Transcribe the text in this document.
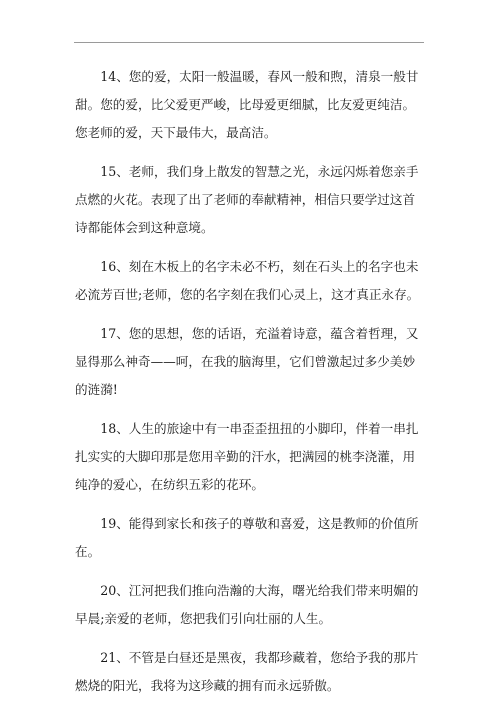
14、您的爱，太阳一般温暖，春风一般和煦，清泉一般甘甜。您的爱，比父爱更严峻，比母爱更细腻，比友爱更纯洁。您老师的爱，天下最伟大，最高洁。

15、老师，我们身上散发的智慧之光，永远闪烁着您亲手点燃的火花。表现了出了老师的奉献精神，相信只要学过这首诗都能体会到这种意境。

16、刻在木板上的名字未必不朽，刻在石头上的名字也未必流芳百世;老师，您的名字刻在我们心灵上，这才真正永存。

17、您的思想，您的话语，充溢着诗意，蕴含着哲理，又显得那么神奇——呵，在我的脑海里，它们曾激起过多少美妙的涟漪!

18、人生的旅途中有一串歪歪扭扭的小脚印，伴着一串扎扎实实的大脚印那是您用辛勤的汗水，把满园的桃李浇灌，用纯净的爱心，在纺织五彩的花环。

19、能得到家长和孩子的尊敬和喜爱，这是教师的价值所在。

20、江河把我们推向浩瀚的大海，曙光给我们带来明媚的早晨;亲爱的老师，您把我们引向壮丽的人生。

21、不管是白昼还是黑夜，我都珍藏着，您给予我的那片燃烧的阳光，我将为这珍藏的拥有而永远骄傲。
